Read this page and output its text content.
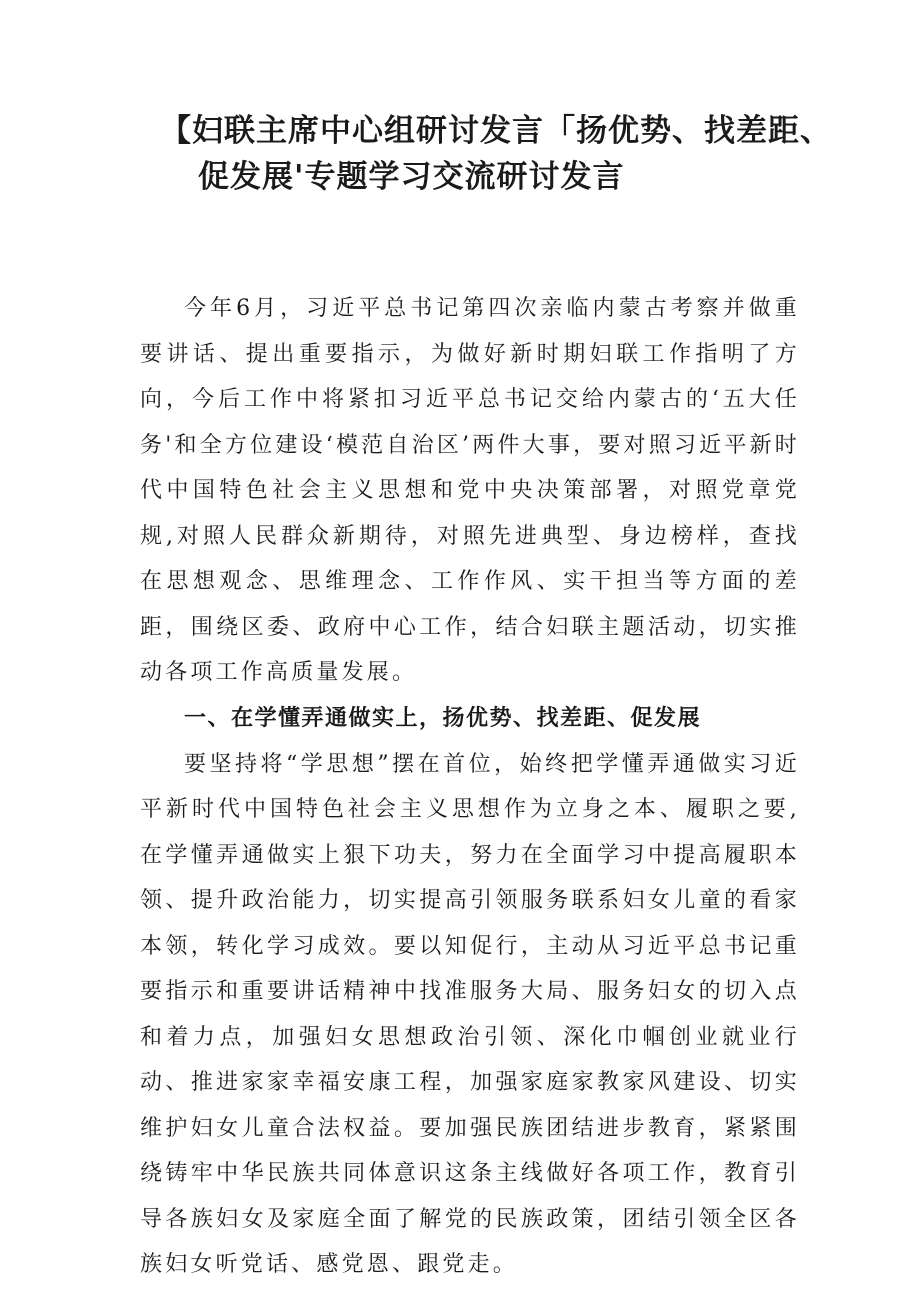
【妇联主席中心组研讨发言「扬优势、找差距、
促发展'专题学习交流研讨发言

今年6月，习近平总书记第四次亲临内蒙古考察并做重要讲话、提出重要指示，为做好新时期妇联工作指明了方向，今后工作中将紧扣习近平总书记交给内蒙古的‘五大任务'和全方位建设‘模范自治区’两件大事，要对照习近平新时代中国特色社会主义思想和党中央决策部署，对照党章党规,对照人民群众新期待，对照先进典型、身边榜样，查找在思想观念、思维理念、工作作风、实干担当等方面的差距，围绕区委、政府中心工作，结合妇联主题活动，切实推动各项工作高质量发展。

一、在学懂弄通做实上，扬优势、找差距、促发展

要坚持将“学思想”摆在首位，始终把学懂弄通做实习近平新时代中国特色社会主义思想作为立身之本、履职之要,在学懂弄通做实上狠下功夫，努力在全面学习中提高履职本领、提升政治能力，切实提高引领服务联系妇女儿童的看家本领，转化学习成效。要以知促行，主动从习近平总书记重要指示和重要讲话精神中找准服务大局、服务妇女的切入点和着力点，加强妇女思想政治引领、深化巾帼创业就业行动、推进家家幸福安康工程，加强家庭家教家风建设、切实维护妇女儿童合法权益。要加强民族团结进步教育，紧紧围绕铸牢中华民族共同体意识这条主线做好各项工作，教育引导各族妇女及家庭全面了解党的民族政策，团结引领全区各族妇女听党话、感党恩、跟党走。
